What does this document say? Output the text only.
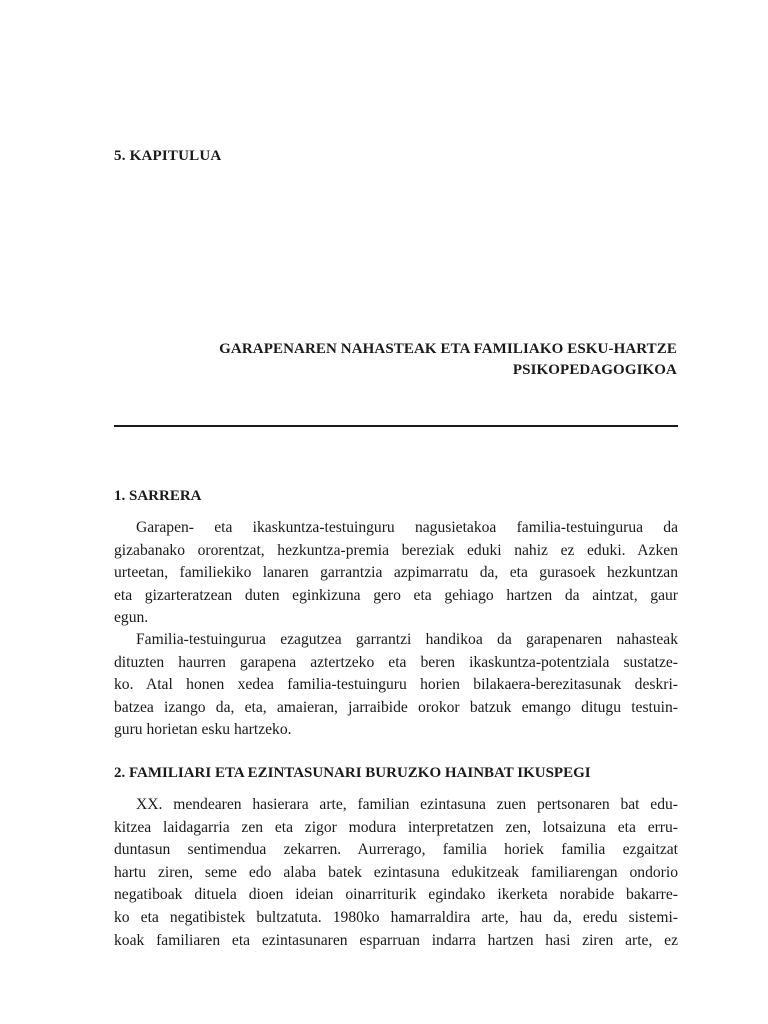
5. KAPITULUA
GARAPENAREN NAHASTEAK ETA FAMILIAKO ESKU-HARTZE
PSIKOPEDAGOGIKOA
1. SARRERA
Garapen- eta ikaskuntza-testuinguru nagusietakoa familia-testuingurua da
gizabanako ororentzat, hezkuntza-premia bereziak eduki nahiz ez eduki. Azken
urteetan, familiekiko lanaren garrantzia azpimarratu da, eta gurasoek hezkuntzan
eta gizarteratzean duten eginkizuna gero eta gehiago hartzen da aintzat, gaur
egun.
Familia-testuingurua ezagutzea garrantzi handikoa da garapenaren nahasteak
dituzten haurren garapena aztertzeko eta beren ikaskuntza-potentziala sustatze-
ko. Atal honen xedea familia-testuinguru horien bilakaera-berezitasunak deskri-
batzea izango da, eta, amaieran, jarraibide orokor batzuk emango ditugu testuin-
guru horietan esku hartzeko.
2. FAMILIARI ETA EZINTASUNARI BURUZKO HAINBAT IKUSPEGI
XX. mendearen hasierara arte, familian ezintasuna zuen pertsonaren bat edu-
kitzea laidagarria zen eta zigor modura interpretatzen zen, lotsaizuna eta erru-
duntasun sentimendua zekarren. Aurrerago, familia horiek familia ezgaitzat
hartu ziren, seme edo alaba batek ezintasuna edukitzeak familiarengan ondorio
negatiboak dituela dioen ideian oinarriturik egindako ikerketa norabide bakarre-
ko eta negatibistek bultzatuta. 1980ko hamarraldira arte, hau da, eredu sistemi-
koak familiaren eta ezintasunaren esparruan indarra hartzen hasi ziren arte, ez
